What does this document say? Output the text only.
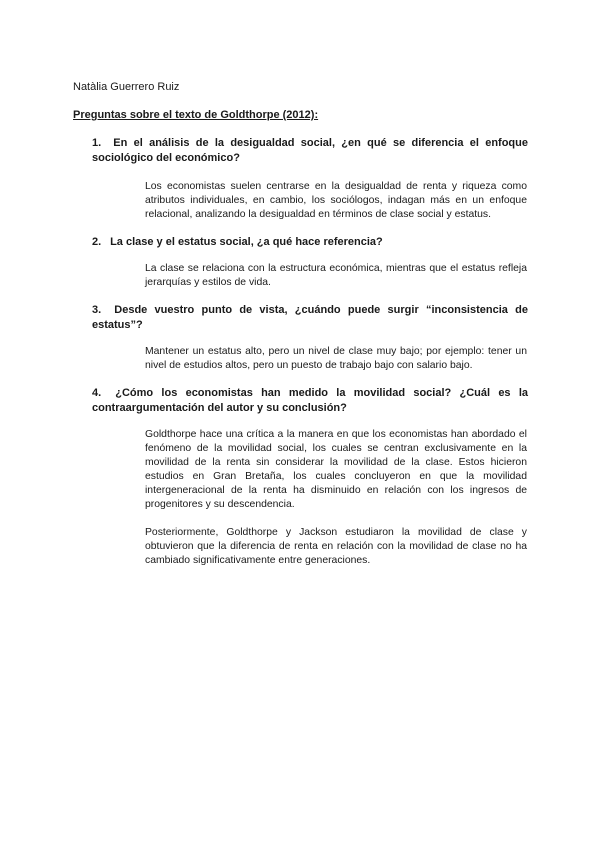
Natàlia Guerrero Ruiz
Preguntas sobre el texto de Goldthorpe (2012):
1. En el análisis de la desigualdad social, ¿en qué se diferencia el enfoque sociológico del económico?
Los economistas suelen centrarse en la desigualdad de renta y riqueza como atributos individuales, en cambio, los sociólogos, indagan más en un enfoque relacional, analizando la desigualdad en términos de clase social y estatus.
2. La clase y el estatus social, ¿a qué hace referencia?
La clase se relaciona con la estructura económica, mientras que el estatus refleja jerarquías y estilos de vida.
3. Desde vuestro punto de vista, ¿cuándo puede surgir “inconsistencia de estatus”?
Mantener un estatus alto, pero un nivel de clase muy bajo; por ejemplo: tener un nivel de estudios altos, pero un puesto de trabajo bajo con salario bajo.
4. ¿Cómo los economistas han medido la movilidad social? ¿Cuál es la contraargumentación del autor y su conclusión?
Goldthorpe hace una crítica a la manera en que los economistas han abordado el fenómeno de la movilidad social, los cuales se centran exclusivamente en la movilidad de la renta sin considerar la movilidad de la clase. Estos hicieron estudios en Gran Bretaña, los cuales concluyeron en que la movilidad intergeneracional de la renta ha disminuido en relación con los ingresos de progenitores y su descendencia.
Posteriormente, Goldthorpe y Jackson estudiaron la movilidad de clase y obtuvieron que la diferencia de renta en relación con la movilidad de clase no ha cambiado significativamente entre generaciones.
